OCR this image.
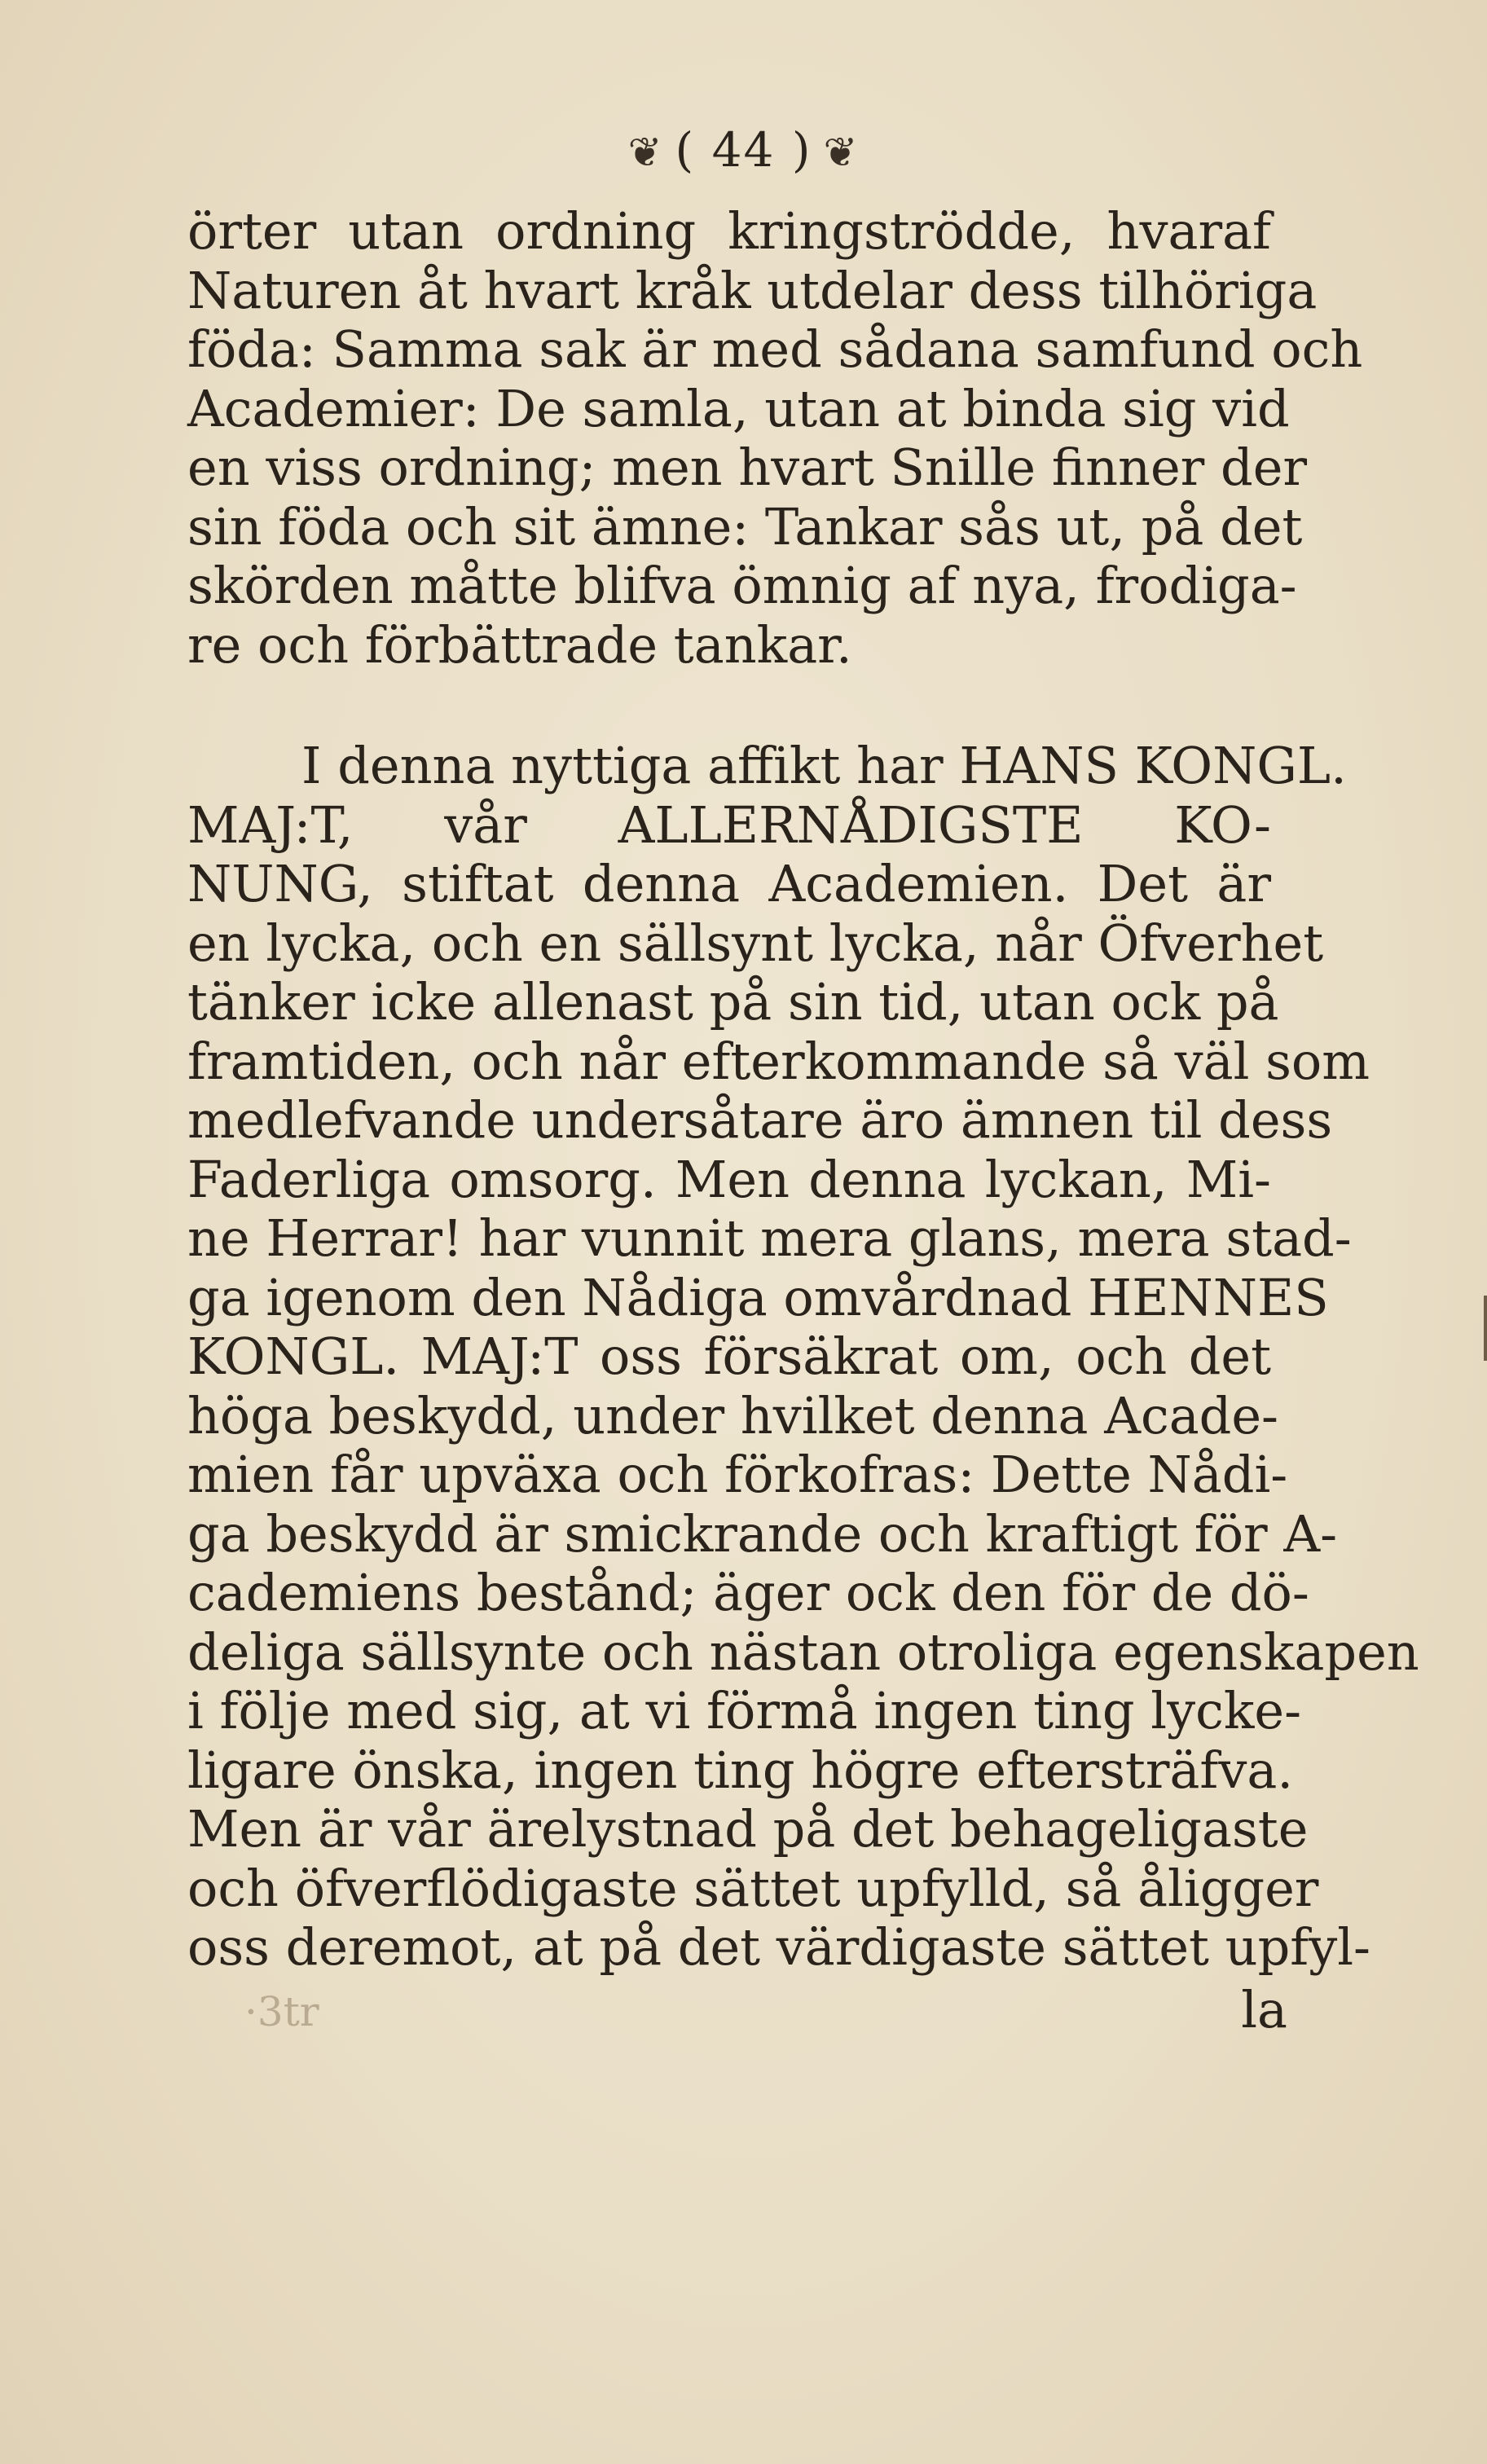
❦ ( 44 ) ❦
örter utan ordning kringströdde, hvaraf
Naturen åt hvart kråk utdelar dess tilhöriga
föda: Samma sak är med sådana samfund och
Academier: De samla, utan at binda sig vid
en viss ordning; men hvart Snille finner der
sin föda och sit ämne: Tankar sås ut, på det
skörden måtte blifva ömnig af nya, frodiga-
re och förbättrade tankar.
I denna nyttiga affikt har HANS KONGL.
MAJ:T, vår ALLERNÅDIGSTE KO-
NUNG, stiftat denna Academien. Det är
en lycka, och en sällsynt lycka, når Öfverhet
tänker icke allenast på sin tid, utan ock på
framtiden, och når efterkommande så väl som
medlefvande undersåtare äro ämnen til dess
Faderliga omsorg. Men denna lyckan, Mi-
ne Herrar! har vunnit mera glans, mera stad-
ga igenom den Nådiga omvårdnad HENNES
KONGL. MAJ:T oss försäkrat om, och det
höga beskydd, under hvilket denna Acade-
mien får upväxa och förkofras: Dette Nådi-
ga beskydd är smickrande och kraftigt för A-
cademiens bestånd; äger ock den för de dö-
deliga sällsynte och nästan otroliga egenskapen
i följe med sig, at vi förmå ingen ting lycke-
ligare önska, ingen ting högre eftersträfva.
Men är vår ärelystnad på det behageligaste
och öfverflödigaste sättet upfylld, så åligger
oss deremot, at på det värdigaste sättet upfyl-
·3tr	la
